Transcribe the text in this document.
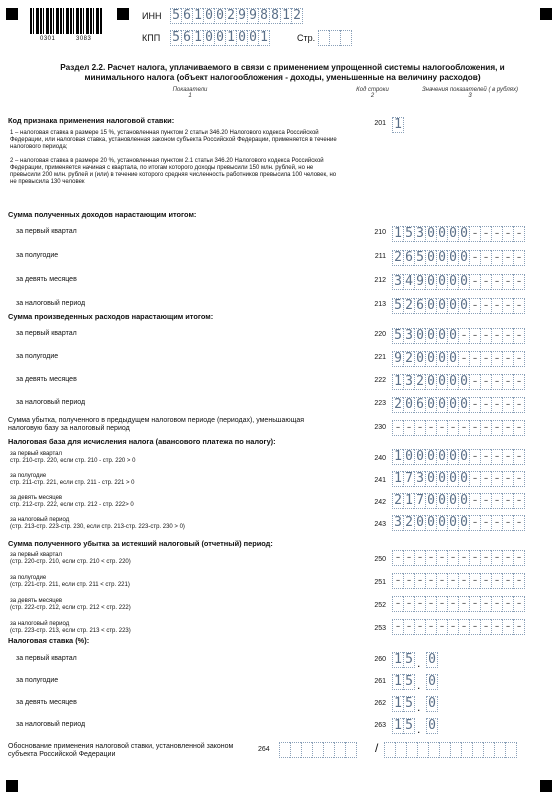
0301	3083
ИНН 5 6 1 0 0 2 9 9 8 8 1 2
КПП 5 6 1 0 0 1 0 0 1	Стр.
Раздел 2.2. Расчет налога, уплачиваемого в связи с применением упрощенной системы налогообложения, и
минимального налога (объект налогообложения - доходы, уменьшенные на величину расходов)
Показатели
1
Код строки
2
Значения показателей ( в рублях)
3
Код признака применения налоговой ставки:
1 – налоговая ставка в размере 15 %, установленная пунктом 2 статьи 346.20 Налогового кодекса Российской Федерации, или налоговая ставка, установленная законом субъекта Российской Федерации, применяется в течение налогового периода;
2 – налоговая ставка в размере 20 %, установленная пунктом 2.1 статьи 346.20 Налогового кодекса Российской Федерации, применяется начиная с квартала, по итогам которого доходы превысили 150 млн. рублей, но не превысили 200 млн. рублей и (или) в течение которого средняя численность работников превысила 100 человек, но не превысила 130 человек
201 1
Сумма полученных доходов нарастающим итогом:
за первый квартал	210 1 5 3 0 0 0 0 - - - - -
за полугодие	211 2 6 5 0 0 0 0 - - - - -
за девять месяцев	212 3 4 9 0 0 0 0 - - - - -
за налоговый период	213 5 2 6 0 0 0 0 - - - - -
Сумма произведенных расходов нарастающим итогом:
за первый квартал	220 5 3 0 0 0 0 - - - - - -
за полугодие	221 9 2 0 0 0 0 - - - - - -
за девять месяцев	222 1 3 2 0 0 0 0 - - - - -
за налоговый период	223 2 0 6 0 0 0 0 - - - - -
Сумма убытка, полученного в предыдущем налоговом периоде (периодах), уменьшающая налоговую базу за налоговый период	230 - - - - - - - - - - - -
Налоговая база для исчисления налога (авансового платежа по налогу):
за первый квартал
стр. 210-стр. 220, если стр. 210 - стр. 220 > 0	240 1 0 0 0 0 0 0 - - - - -
за полугодие
стр. 211-стр. 221, если стр. 211 - стр. 221 > 0	241 1 7 3 0 0 0 0 - - - - -
за девять месяцев
стр. 212-стр. 222, если стр. 212 - стр. 222> 0	242 2 1 7 0 0 0 0 - - - - -
за налоговый период
(стр. 213-стр. 223-стр. 230, если стр. 213-стр. 223-стр. 230 > 0)	243 3 2 0 0 0 0 0 - - - - -
Сумма полученного убытка за истекший налоговый (отчетный) период:
за первый квартал
(стр. 220-стр. 210, если стр. 210 < стр. 220)	250 - - - - - - - - - - - -
за полугодие
(стр. 221-стр. 211, если стр. 211 < стр. 221)	251 - - - - - - - - - - - -
за девять месяцев
(стр. 222-стр. 212, если стр. 212 < стр. 222)	252 - - - - - - - - - - - -
за налоговый период
(стр. 223-стр. 213, если стр. 213 < стр. 223)	253 - - - - - - - - - - - -
Налоговая ставка (%):
за первый квартал	260 1 5 . 0
за полугодие	261 1 5 . 0
за девять месяцев	262 1 5 . 0
за налоговый период	263 1 5 . 0
Обоснование применения налоговой ставки, установленной законом субъекта Российской Федерации
264	/
